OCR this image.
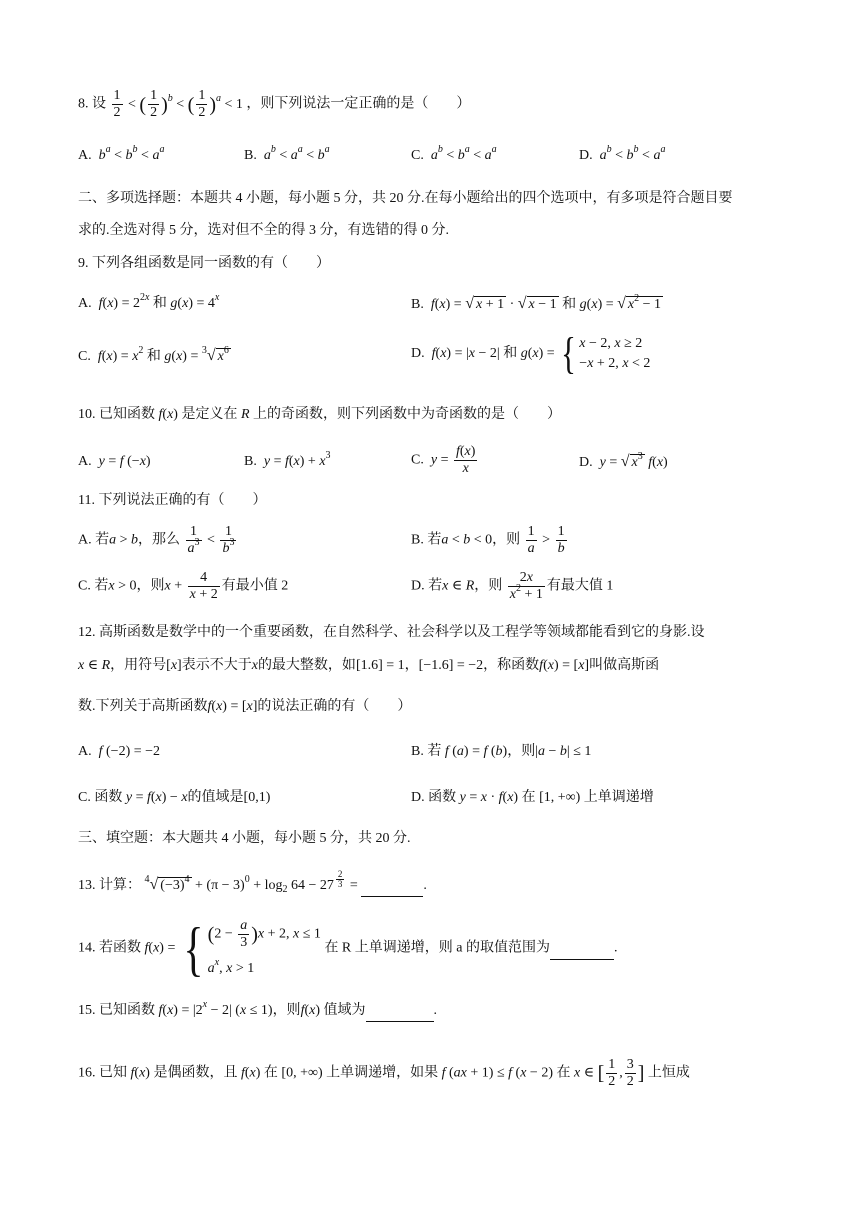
8. 设 $\frac{1}{2}$ < ( $\frac{1}{2} )^b$ < ( $\frac{1}{2} )^a < 1$ ，则下列说法一定正确的是（　　）
A. $b^a < b^b < a^a$	B. $a^b < a^a < b^a$	C. $a^b < b^a < a^a$	D. $a^b < b^b < a^a$
二、多项选择题：本题共 4 小题，每小题 5 分，共 20 分.在每小题给出的四个选项中，有多项是符合题目要
求的.全选对得 5 分，选对但不全的得 3 分，有选错的得 0 分.
9. 下列各组函数是同一函数的有（　　）
A. $f(x) = 2^{2x}$ 和 $g(x) = 4^x$	B. f(x) = √ x + 1 · √ x − 1 和 g(x) = √ $x^2 - 1$
C. $f(x) = x^2$ 和 g(x) = $^3$√ $x^6$	D. f(x) = |x − 2| 和 g(x) = { x − 2, x ≥ 2
−x + 2, x < 2
10. 已知函数 f(x) 是定义在 R 上的奇函数，则下列函数中为奇函数的是（　　）
A. y = f (−x)	B. $y = f(x) + x^3$	C. $y = \frac{f(x)}{x}$	D. y = √ $x^3$ f(x)
11. 下列说法正确的有（　　）
A. 若a > b，那么 $\frac{1}{a^3} < \frac{1}{b^3}$	B. 若a < b < 0，则 $\frac{1}{a} > \frac{1}{b}$
C. 若x > 0，则$x + \frac{4}{x + 2}$ 有最小值 2	D. 若x ∈ R，则 $\frac{2x}{x^2 + 1}$ 有最大值 1
12. 高斯函数是数学中的一个重要函数，在自然科学、社会科学以及工程学等领域都能看到它的身影.设
x ∈ R，用符号[x]表示不大于x的最大整数，如[1.6] = 1，[−1.6] = −2，称函数f(x) = [x]叫做高斯函
数.下列关于高斯函数f(x) = [x]的说法正确的有（　　）
A. f (−2) = −2	B. 若 f (a) = f (b)，则|a − b| ≤ 1
C. 函数 y = f(x) − x的值域是[0,1)	D. 函数 y = x · f(x) 在 [1, +∞) 上单调递增
三、填空题：本大题共 4 小题，每小题 5 分，共 20 分.
13. 计算： $^4$√ $(-3)^4 + (\pi - 3)^0 + \log_2 64 - 27$ $^{\frac{2}{3}}$ =	.
14. 若函数 f(x) = { $(2 - \frac{a}{3} )x + 2$, x ≤ 1
$a^x$, x > 1
在 R 上单调递增，则 a 的取值范围为	.
15. 已知函数 $f(x) = |2^x - 2|$ (x ≤ 1)，则f(x) 值域为	.
16. 已知 f(x) 是偶函数，且 f(x) 在 [0, +∞) 上单调递增，如果 f (ax + 1) ≤ f (x − 2) 在 x ∈ [ $\frac{1}{2}$ , $\frac{3}{2}$ ] 上恒成
